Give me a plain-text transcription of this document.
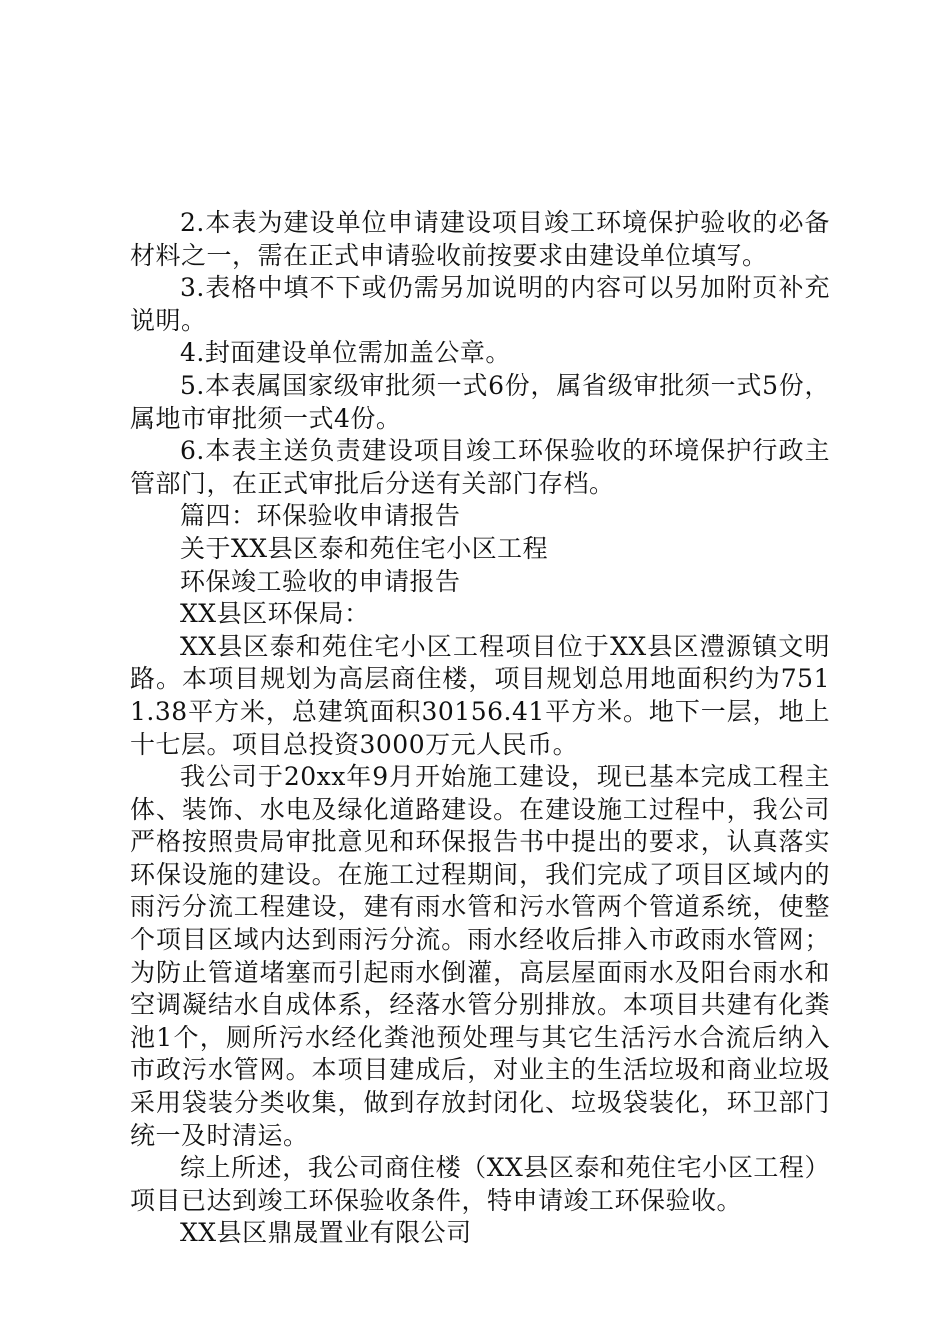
2.本表为建设单位申请建设项目竣工环境保护验收的必备材料之一，需在正式申请验收前按要求由建设单位填写。

3.表格中填不下或仍需另加说明的内容可以另加附页补充说明。

4.封面建设单位需加盖公章。

5.本表属国家级审批须一式6份，属省级审批须一式5份，属地市审批须一式4份。

6.本表主送负责建设项目竣工环保验收的环境保护行政主管部门，在正式审批后分送有关部门存档。

篇四：环保验收申请报告

关于XX县区泰和苑住宅小区工程

环保竣工验收的申请报告

XX县区环保局：

XX县区泰和苑住宅小区工程项目位于XX县区澧源镇文明路。本项目规划为高层商住楼，项目规划总用地面积约为7511.38平方米，总建筑面积30156.41平方米。地下一层，地上十七层。项目总投资3000万元人民币。

我公司于20xx年9月开始施工建设，现已基本完成工程主体、装饰、水电及绿化道路建设。在建设施工过程中，我公司严格按照贵局审批意见和环保报告书中提出的要求，认真落实环保设施的建设。在施工过程期间，我们完成了项目区域内的雨污分流工程建设，建有雨水管和污水管两个管道系统，使整个项目区域内达到雨污分流。雨水经收后排入市政雨水管网；为防止管道堵塞而引起雨水倒灌，高层屋面雨水及阳台雨水和空调凝结水自成体系，经落水管分别排放。本项目共建有化粪池1个，厕所污水经化粪池预处理与其它生活污水合流后纳入市政污水管网。本项目建成后，对业主的生活垃圾和商业垃圾采用袋装分类收集，做到存放封闭化、垃圾袋装化，环卫部门统一及时清运。

综上所述，我公司商住楼（XX县区泰和苑住宅小区工程）项目已达到竣工环保验收条件，特申请竣工环保验收。

XX县区鼎晟置业有限公司
